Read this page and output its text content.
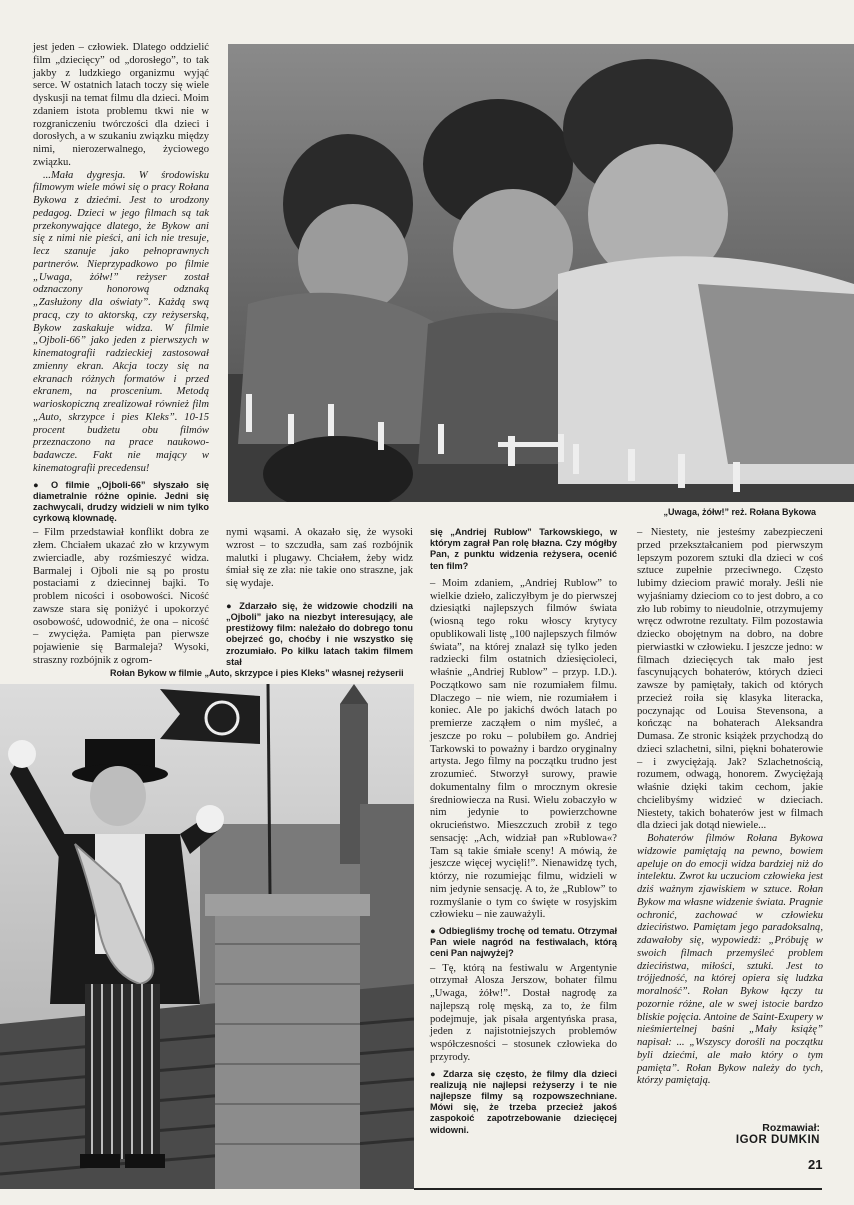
jest jeden – człowiek. Dlatego oddzielić film „dziecięcy” od „dorosłego”, to tak jakby z ludzkiego organizmu wyjąć serce. W ostatnich latach toczy się wiele dyskusji na temat filmu dla dzieci. Moim zdaniem istota problemu tkwi nie w rozgraniczeniu twórczości dla dzieci i dorosłych, a w szukaniu związku między nimi, nierozerwalnego, życiowego związku.

...Mała dygresja. W środowisku filmowym wiele mówi się o pracy Rołana Bykowa z dziećmi. Jest to urodzony pedagog. Dzieci w jego filmach są tak przekonywające dlatego, że Bykow ani się z nimi nie pieści, ani ich nie tresuje, lecz szanuje jako pełnoprawnych partnerów. Nieprzypadkowo po filmie „Uwaga, żółw!” reżyser został odznaczony honorową odznaką „Zasłużony dla oświaty”. Każdą swą pracą, czy to aktorską, czy reżyserską, Bykow zaskakuje widza. W filmie „Ojboli-66” jako jeden z pierwszych w kinematografii radzieckiej zastosował zmienny ekran. Akcja toczy się na ekranach różnych formatów i przed ekranem, na proscenium. Metodą warioskopiczną zrealizował również film „Auto, skrzypce i pies Kleks”. 10-15 procent budżetu obu filmów przeznaczono na prace naukowo-badawcze. Fakt nie mający w kinematografii precedensu!

● O filmie „Ojboli-66” słyszało się diametralnie różne opinie. Jedni się zachwycali, drudzy widzieli w nim tylko cyrkową klownadę.

– Film przedstawiał konflikt dobra ze złem. Chciałem ukazać zło w krzywym zwierciadle, aby rozśmieszyć widza. Barmalej i Ojboli nie są po prostu postaciami z dziecinnej bajki. To problem nicości i osobowości. Nicość zawsze stara się poniżyć i upokorzyć osobowość, udowodnić, że ona – nicość – zwycięża. Pamięta pan pierwsze pojawienie się Barmaleja? Wysoki, straszny rozbójnik z ogrom-

„Uwaga, żółw!” reż. Rołana Bykowa

nymi wąsami. A okazało się, że wysoki wzrost – to szczudła, sam zaś rozbójnik malutki i plugawy. Chciałem, żeby widz śmiał się ze zła: nie takie ono straszne, jak się wydaje.

● Zdarzało się, że widzowie chodzili na „Ojboli” jako na niezbyt interesujący, ale prestiżowy film: należało do dobrego tonu obejrzeć go, choćby i nie wszystko się zrozumiało. Po kilku latach takim filmem stał

się „Andriej Rublow” Tarkowskiego, w którym zagrał Pan rolę błazna. Czy mógłby Pan, z punktu widzenia reżysera, ocenić ten film?

– Moim zdaniem, „Andriej Rublow” to wielkie dzieło, zaliczyłbym je do pierwszej dziesiątki najlepszych filmów świata (wiosną tego roku włoscy krytycy opublikowali listę „100 najlepszych filmów świata”, na której znalazł się tylko jeden radziecki film ostatnich dziesięcioleci, właśnie „Andriej Rublow” – przyp. I.D.). Początkowo sam nie rozumiałem filmu. Dlaczego – nie wiem, nie rozumiałem i koniec. Ale po jakichś dwóch latach po premierze zacząłem o nim myśleć, a jeszcze po roku – polubiłem go. Andriej Tarkowski to poważny i bardzo oryginalny artysta. Jego filmy na początku trudno jest zrozumieć. Stworzył surowy, prawie dokumentalny film o mrocznym okresie średniowiecza na Rusi. Wielu zobaczyło w nim jedynie to powierzchowne okrucieństwo. Mieszczuch zrobił z tego sensację: „Ach, widział pan »Rublowa«? Tam są takie śmiałe sceny! A mówią, że jeszcze więcej wycięli!”. Nienawidzę tych, którzy, nie rozumiejąc filmu, widzieli w nim jedynie sensację. A to, że „Rublow” to rozmyślanie o tym co święte w rosyjskim człowieku – nie zauważyli.

● Odbiegliśmy trochę od tematu. Otrzymał Pan wiele nagród na festiwalach, którą ceni Pan najwyżej?

– Tę, którą na festiwalu w Argentynie otrzymał Alosza Jerszow, bohater filmu „Uwaga, żółw!”. Dostał nagrodę za najlepszą rolę męską, za to, że film podejmuje, jak pisała argentyńska prasa, jeden z najistotniejszych problemów współczesności – stosunek człowieka do przyrody.

● Zdarza się często, że filmy dla dzieci realizują nie najlepsi reżyserzy i te nie najlepsze filmy są rozpowszechniane. Mówi się, że trzeba przecież jakoś zaspokoić zapotrzebowanie dziecięcej widowni.

– Niestety, nie jesteśmy zabezpieczeni przed przekształcaniem pod pierwszym lepszym pozorem sztuki dla dzieci w coś sztuce zupełnie przeciwnego. Często lubimy dzieciom prawić morały. Jeśli nie wyjaśniamy dzieciom co to jest dobro, a co zło lub robimy to nieudolnie, otrzymujemy wręcz odwrotne rezultaty. Film pozostawia dziecko obojętnym na dobro, na dobre pierwiastki w człowieku. I jeszcze jedno: w filmach dziecięcych tak mało jest fascynujących bohaterów, których dzieci zawsze by pamiętały, takich od których przecież roiła się klasyka literacka, poczynając od Louisa Stevensona, a kończąc na bohaterach Aleksandra Dumasa. Ze stronic książek przychodzą do dzieci szlachetni, silni, piękni bohaterowie – i zwyciężają. Jak? Szlachetnością, rozumem, odwagą, honorem. Zwyciężają właśnie dzięki takim cechom, jakie chcielibyśmy widzieć w dzieciach. Niestety, takich bohaterów jest w filmach dla dzieci jak dotąd niewiele...

Bohaterów filmów Rołana Bykowa widzowie pamiętają na pewno, bowiem apeluje on do emocji widza bardziej niż do intelektu. Zwrot ku uczuciom człowieka jest dziś ważnym zjawiskiem w sztuce. Rołan Bykow ma własne widzenie świata. Pragnie ochronić, zachować w człowieku dzieciństwo. Pamiętam jego paradoksalną, zdawałoby się, wypowiedź: „Próbuję w swoich filmach przemyśleć problem dzieciństwa, miłości, sztuki. Jest to trójjedność, na której opiera się ludzka moralność”. Rołan Bykow łączy tu pozornie różne, ale w swej istocie bardzo bliskie pojęcia. Antoine de Saint-Exupery w nieśmiertelnej baśni „Mały książę” napisał: ... „Wszyscy dorośli na początku byli dziećmi, ale mało który o tym pamięta”. Rołan Bykow należy do tych, którzy pamiętają.

Rozmawiał:
IGOR DUMKIN
Rołan Bykow w filmie „Auto, skrzypce i pies Kleks” własnej reżyserii
21
